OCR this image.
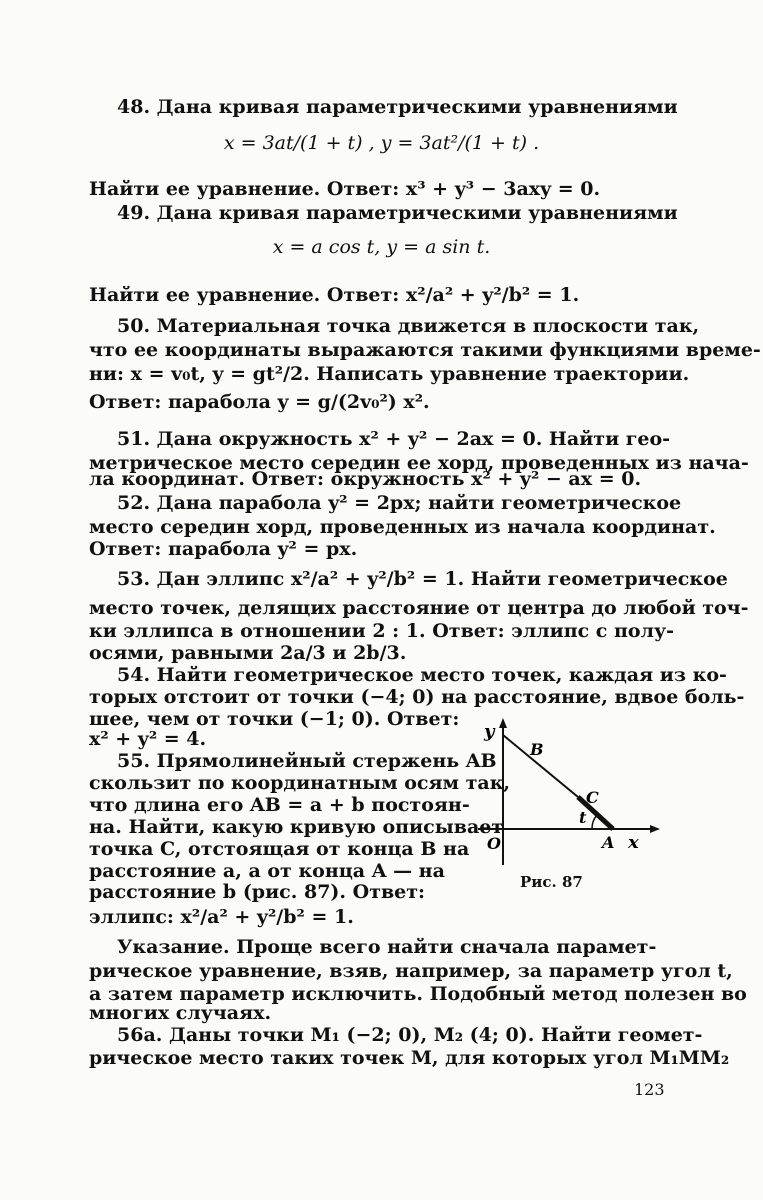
48. Дана кривая параметрическими уравнениями
x = 3at/(1 + t) , y = 3at²/(1 + t) .
Найти ее уравнение. Ответ: x³ + y³ − 3axy = 0.
49. Дана кривая параметрическими уравнениями
x = a cos t, y = a sin t.
Найти ее уравнение. Ответ: x²/a² + y²/b² = 1.
50. Материальная точка движется в плоскости так,
что ее координаты выражаются такими функциями време-
ни: x = v₀t, y = gt²/2. Написать уравнение траектории.
Ответ: парабола y = g/(2v₀²) x².
51. Дана окружность x² + y² − 2ax = 0. Найти гео-
метрическое место середин ее хорд, проведенных из нача-
ла координат. Ответ: окружность x² + y² − ax = 0.
52. Дана парабола y² = 2px; найти геометрическое
место середин хорд, проведенных из начала координат.
Ответ: парабола y² = px.
53. Дан эллипс x²/a² + y²/b² = 1. Найти геометрическое
место точек, делящих расстояние от центра до любой точ-
ки эллипса в отношении 2 : 1. Ответ: эллипс с полу-
осями, равными 2a/3 и 2b/3.
54. Найти геометрическое место точек, каждая из ко-
торых отстоит от точки (−4; 0) на расстояние, вдвое боль-
шее, чем от точки (−1; 0). Ответ:
x² + y² = 4.
55. Прямолинейный стержень AB
скользит по координатным осям так,
что длина его AB = a + b постоян-
на. Найти, какую кривую описывает
точка C, отстоящая от конца B на
расстояние a, а от конца A — на
расстояние b (рис. 87). Ответ:
эллипс: x²/a² + y²/b² = 1.
y
x
O	A
B
C
t
Рис. 87
Указание. Проще всего найти сначала парамет-
рическое уравнение, взяв, например, за параметр угол t,
а затем параметр исключить. Подобный метод полезен во
многих случаях.
56а. Даны точки M₁ (−2; 0), M₂ (4; 0). Найти геомет-
рическое место таких точек M, для которых угол M₁MM₂
123
